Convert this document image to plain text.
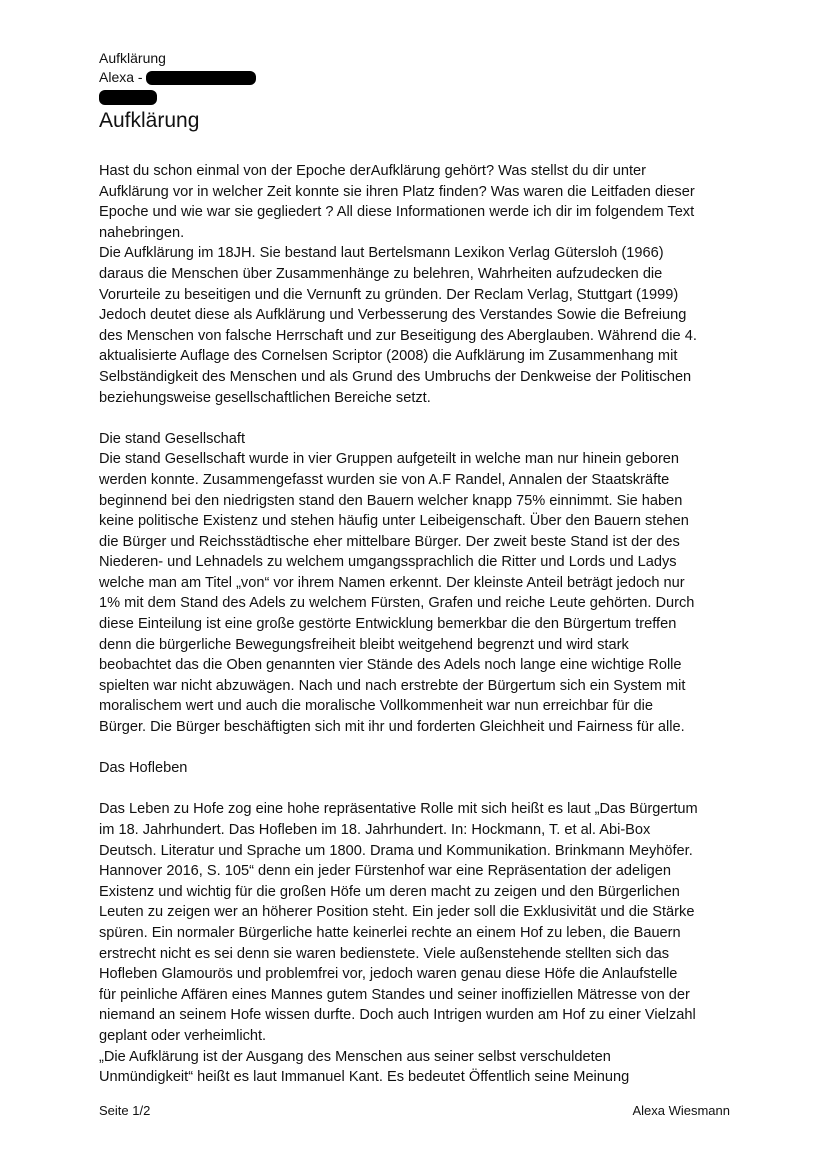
Aufklärung
Alexa -
Aufklärung

Hast du schon einmal von der Epoche derAufklärung gehört? Was stellst du dir unter

Aufklärung vor in welcher Zeit konnte sie ihren Platz finden? Was waren die Leitfaden dieser

Epoche und wie war sie gegliedert ? All diese Informationen werde ich dir im folgendem Text

nahebringen.

Die Aufklärung im 18JH. Sie bestand laut Bertelsmann Lexikon Verlag Gütersloh (1966)

daraus die Menschen über Zusammenhänge zu belehren, Wahrheiten aufzudecken die

Vorurteile zu beseitigen und die Vernunft zu gründen. Der Reclam Verlag, Stuttgart (1999)

Jedoch deutet diese als Aufklärung und Verbesserung des Verstandes Sowie die Befreiung

des Menschen von falsche Herrschaft und zur Beseitigung des Aberglauben. Während die 4.

aktualisierte Auflage des Cornelsen Scriptor (2008) die Aufklärung im Zusammenhang mit

Selbständigkeit des Menschen und als Grund des Umbruchs der Denkweise der Politischen

beziehungsweise gesellschaftlichen Bereiche setzt.

Die stand Gesellschaft

Die stand Gesellschaft wurde in vier Gruppen aufgeteilt in welche man nur hinein geboren

werden konnte. Zusammengefasst wurden sie von A.F Randel, Annalen der Staatskräfte

beginnend bei den niedrigsten stand den Bauern welcher knapp 75% einnimmt. Sie haben

keine politische Existenz und stehen häufig unter Leibeigenschaft. Über den Bauern stehen

die Bürger und Reichsstädtische eher mittelbare Bürger. Der zweit beste Stand ist der des

Niederen- und Lehnadels zu welchem umgangssprachlich die Ritter und Lords und Ladys

welche man am Titel „von“ vor ihrem Namen erkennt. Der kleinste Anteil beträgt jedoch nur

1% mit dem Stand des Adels zu welchem Fürsten, Grafen und reiche Leute gehörten. Durch

diese Einteilung ist eine große gestörte Entwicklung bemerkbar die den Bürgertum treffen

denn die bürgerliche Bewegungsfreiheit bleibt weitgehend begrenzt und wird stark

beobachtet das die Oben genannten vier Stände des Adels noch lange eine wichtige Rolle

spielten war nicht abzuwägen. Nach und nach erstrebte der Bürgertum sich ein System mit

moralischem wert und auch die moralische Vollkommenheit war nun erreichbar für die

Bürger. Die Bürger beschäftigten sich mit ihr und forderten Gleichheit und Fairness für alle.

Das Hofleben

Das Leben zu Hofe zog eine hohe repräsentative Rolle mit sich heißt es laut „Das Bürgertum

im 18. Jahrhundert. Das Hofleben im 18. Jahrhundert. In: Hockmann, T. et al. Abi-Box

Deutsch. Literatur und Sprache um 1800. Drama und Kommunikation. Brinkmann Meyhöfer.

Hannover 2016, S. 105“ denn ein jeder Fürstenhof war eine Repräsentation der adeligen

Existenz und wichtig für die großen Höfe um deren macht zu zeigen und den Bürgerlichen

Leuten zu zeigen wer an höherer Position steht. Ein jeder soll die Exklusivität und die Stärke

spüren. Ein normaler Bürgerliche hatte keinerlei rechte an einem Hof zu leben, die Bauern

erstrecht nicht es sei denn sie waren bedienstete. Viele außenstehende stellten sich das

Hofleben Glamourös und problemfrei vor, jedoch waren genau diese Höfe die Anlaufstelle

für peinliche Affären eines Mannes gutem Standes und seiner inoffiziellen Mätresse von der

niemand an seinem Hofe wissen durfte. Doch auch Intrigen wurden am Hof zu einer Vielzahl

geplant oder verheimlicht.

„Die Aufklärung ist der Ausgang des Menschen aus seiner selbst verschuldeten

Unmündigkeit“ heißt es laut Immanuel Kant. Es bedeutet Öffentlich seine Meinung

Seite 1/2	Alexa Wiesmann
